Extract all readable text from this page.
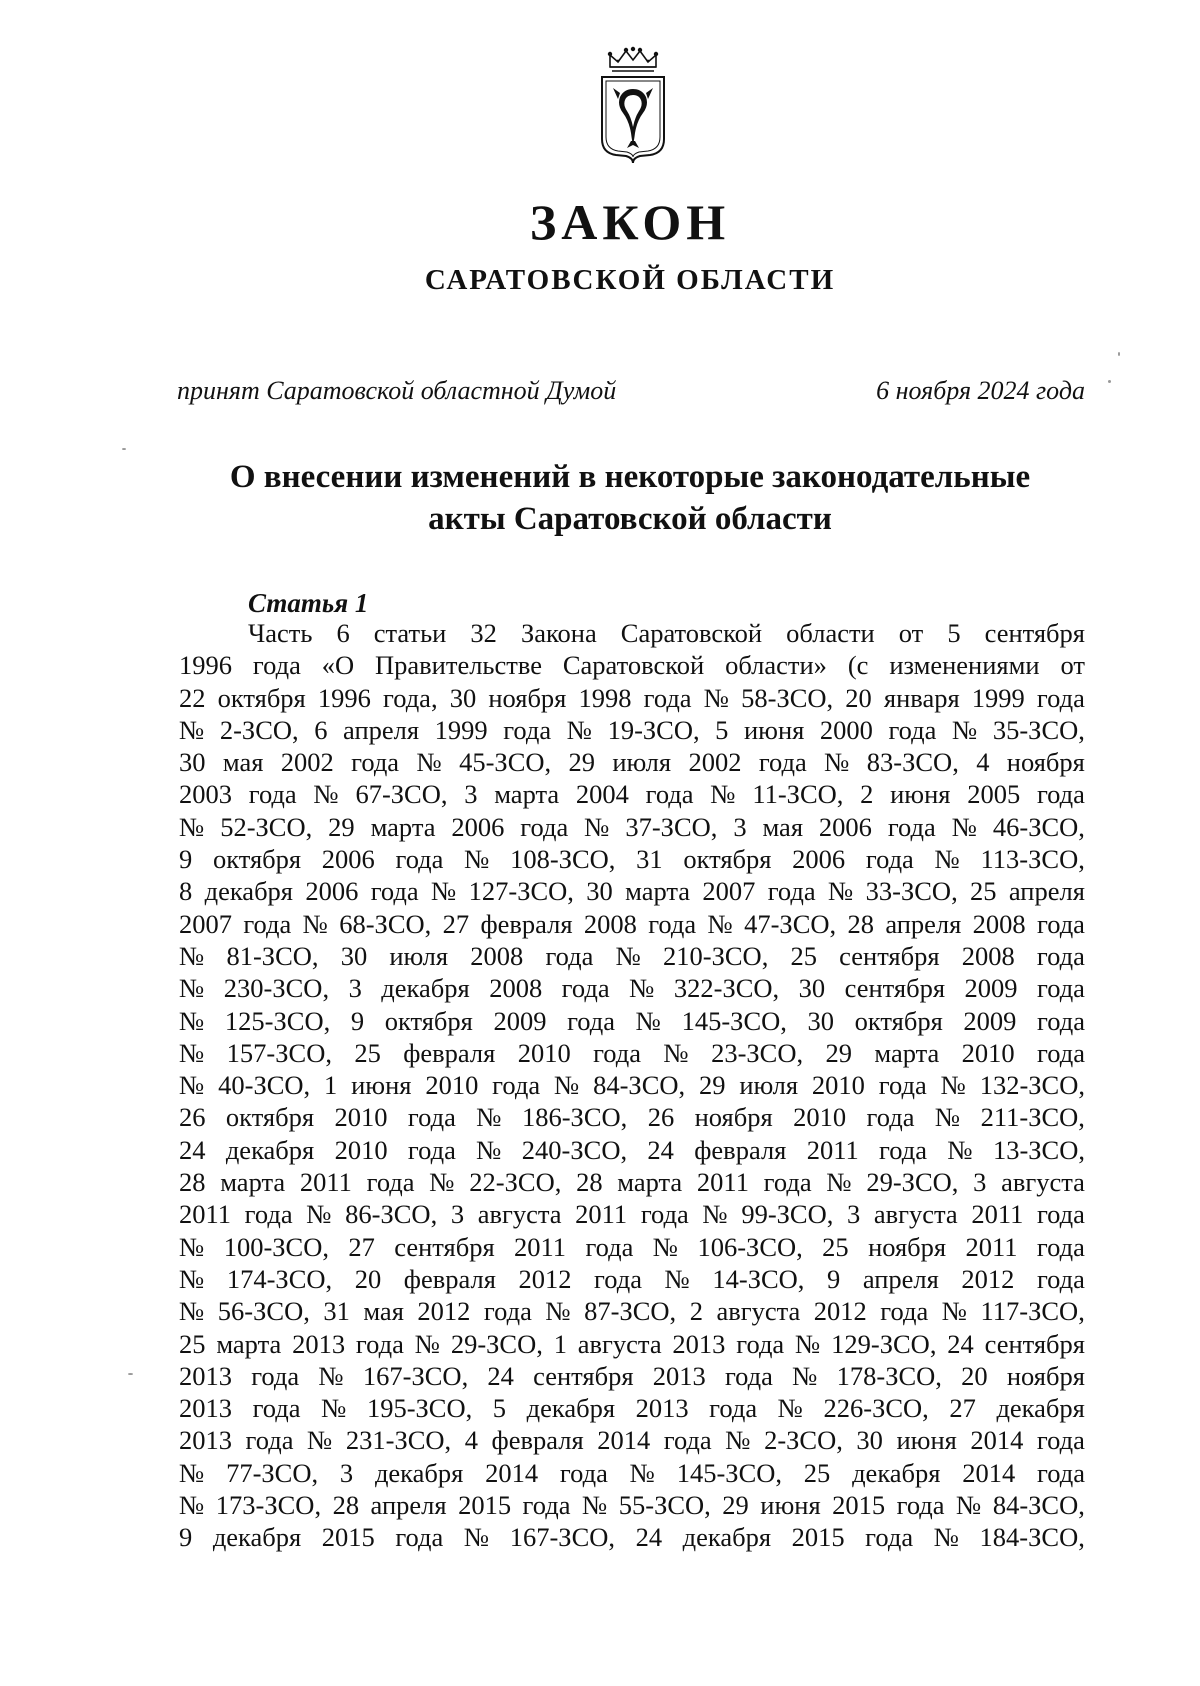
ЗАКОН
САРАТОВСКОЙ ОБЛАСТИ
принят Саратовской областной Думой	6 ноября 2024 года
О внесении изменений в некоторые законодательные
акты Саратовской области
Статья 1
Часть 6 статьи 32 Закона Саратовской области от 5 сентября
1996 года «О Правительстве Саратовской области» (с изменениями от
22 октября 1996 года, 30 ноября 1998 года № 58-ЗСО, 20 января 1999 года
№ 2-ЗСО, 6 апреля 1999 года № 19-ЗСО, 5 июня 2000 года № 35-ЗСО,
30 мая 2002 года № 45-ЗСО, 29 июля 2002 года № 83-ЗСО, 4 ноября
2003 года № 67-ЗСО, 3 марта 2004 года № 11-ЗСО, 2 июня 2005 года
№ 52-ЗСО, 29 марта 2006 года № 37-ЗСО, 3 мая 2006 года № 46-ЗСО,
9 октября 2006 года № 108-ЗСО, 31 октября 2006 года № 113-ЗСО,
8 декабря 2006 года № 127-ЗСО, 30 марта 2007 года № 33-ЗСО, 25 апреля
2007 года № 68-ЗСО, 27 февраля 2008 года № 47-ЗСО, 28 апреля 2008 года
№ 81-ЗСО, 30 июля 2008 года № 210-ЗСО, 25 сентября 2008 года
№ 230-ЗСО, 3 декабря 2008 года № 322-ЗСО, 30 сентября 2009 года
№ 125-ЗСО, 9 октября 2009 года № 145-ЗСО, 30 октября 2009 года
№ 157-ЗСО, 25 февраля 2010 года № 23-ЗСО, 29 марта 2010 года
№ 40-ЗСО, 1 июня 2010 года № 84-ЗСО, 29 июля 2010 года № 132-ЗСО,
26 октября 2010 года № 186-ЗСО, 26 ноября 2010 года № 211-ЗСО,
24 декабря 2010 года № 240-ЗСО, 24 февраля 2011 года № 13-ЗСО,
28 марта 2011 года № 22-ЗСО, 28 марта 2011 года № 29-ЗСО, 3 августа
2011 года № 86-ЗСО, 3 августа 2011 года № 99-ЗСО, 3 августа 2011 года
№ 100-ЗСО, 27 сентября 2011 года № 106-ЗСО, 25 ноября 2011 года
№ 174-ЗСО, 20 февраля 2012 года № 14-ЗСО, 9 апреля 2012 года
№ 56-ЗСО, 31 мая 2012 года № 87-ЗСО, 2 августа 2012 года № 117-ЗСО,
25 марта 2013 года № 29-ЗСО, 1 августа 2013 года № 129-ЗСО, 24 сентября
2013 года № 167-ЗСО, 24 сентября 2013 года № 178-ЗСО, 20 ноября
2013 года № 195-ЗСО, 5 декабря 2013 года № 226-ЗСО, 27 декабря
2013 года № 231-ЗСО, 4 февраля 2014 года № 2-ЗСО, 30 июня 2014 года
№ 77-ЗСО, 3 декабря 2014 года № 145-ЗСО, 25 декабря 2014 года
№ 173-ЗСО, 28 апреля 2015 года № 55-ЗСО, 29 июня 2015 года № 84-ЗСО,
9 декабря 2015 года № 167-ЗСО, 24 декабря 2015 года № 184-ЗСО,
